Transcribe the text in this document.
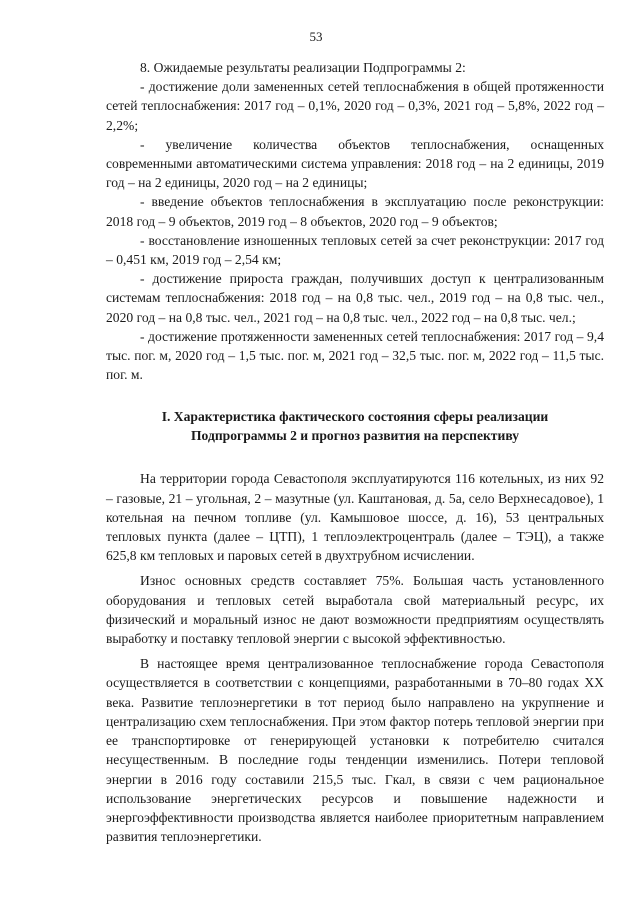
53

8. Ожидаемые результаты реализации Подпрограммы 2:

- достижение доли замененных сетей теплоснабжения в общей протяженности сетей теплоснабжения: 2017 год – 0,1%, 2020 год – 0,3%, 2021 год – 5,8%, 2022 год – 2,2%;

- увеличение количества объектов теплоснабжения, оснащенных современными автоматическими система управления: 2018 год – на 2 единицы, 2019 год – на 2 единицы, 2020 год – на 2 единицы;

- введение объектов теплоснабжения в эксплуатацию после реконструкции: 2018 год – 9 объектов, 2019 год – 8 объектов, 2020 год – 9 объектов;

- восстановление изношенных тепловых сетей за счет реконструкции: 2017 год – 0,451 км, 2019 год – 2,54 км;

- достижение прироста граждан, получивших доступ к централизованным системам теплоснабжения: 2018 год – на 0,8 тыс. чел., 2019 год – на 0,8 тыс. чел., 2020 год – на 0,8 тыс. чел., 2021 год – на 0,8 тыс. чел., 2022 год – на 0,8 тыс. чел.;

- достижение протяженности замененных сетей теплоснабжения: 2017 год – 9,4 тыс. пог. м, 2020 год – 1,5 тыс. пог. м, 2021 год – 32,5 тыс. пог. м, 2022 год – 11,5 тыс. пог. м.

I. Характеристика фактического состояния сферы реализации
Подпрограммы 2 и прогноз развития на перспективу

На территории города Севастополя эксплуатируются 116 котельных, из них 92 – газовые, 21 – угольная, 2 – мазутные (ул. Каштановая, д. 5а, село Верхнесадовое), 1 котельная на печном топливе (ул. Камышовое шоссе, д. 16), 53 центральных тепловых пункта (далее – ЦТП), 1 теплоэлектроцентраль (далее – ТЭЦ), а также 625,8 км тепловых и паровых сетей в двухтрубном исчислении.

Износ основных средств составляет 75%. Большая часть установленного оборудования и тепловых сетей выработала свой материальный ресурс, их физический и моральный износ не дают возможности предприятиям осуществлять выработку и поставку тепловой энергии с высокой эффективностью.

В настоящее время централизованное теплоснабжение города Севастополя осуществляется в соответствии с концепциями, разработанными в 70–80 годах ХХ века. Развитие теплоэнергетики в тот период было направлено на укрупнение и централизацию схем теплоснабжения. При этом фактор потерь тепловой энергии при ее транспортировке от генерирующей установки к потребителю считался несущественным. В последние годы тенденции изменились. Потери тепловой энергии в 2016 году составили 215,5 тыс. Гкал, в связи с чем рациональное использование энергетических ресурсов и повышение надежности и энергоэффективности производства является наиболее приоритетным направлением развития теплоэнергетики.
